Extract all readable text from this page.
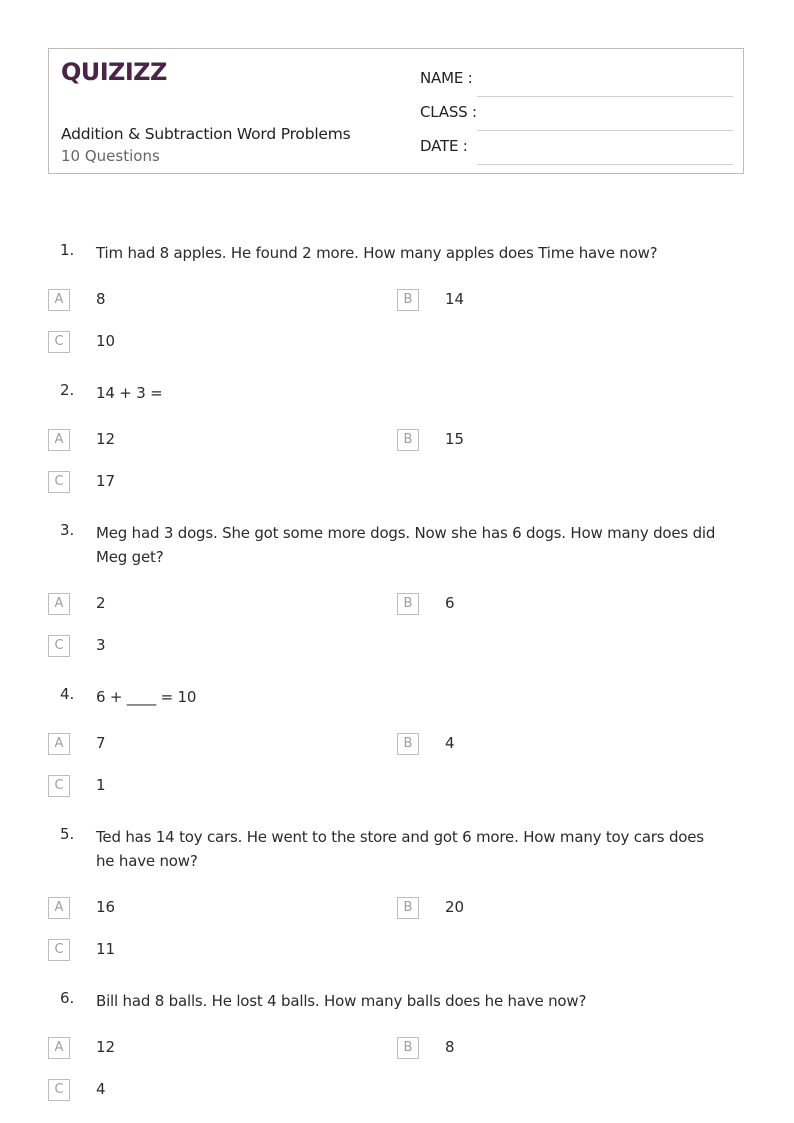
QUIZIZZ
Addition & Subtraction Word Problems
10 Questions
NAME :
CLASS :
DATE :
1. Tim had 8 apples. He found 2 more. How many apples does Time have now?
A	8	B	14
C	10
2. 14 + 3 =
A	12	B	15
C	17
3. Meg had 3 dogs. She got some more dogs. Now she has 6 dogs. How many does did Meg get?
A	2	B	6
C	3
4. 6 + ____ = 10
A	7	B	4
C	1
5. Ted has 14 toy cars. He went to the store and got 6 more. How many toy cars does he have now?
A	16	B	20
C	11
6. Bill had 8 balls. He lost 4 balls. How many balls does he have now?
A	12	B	8
C	4
